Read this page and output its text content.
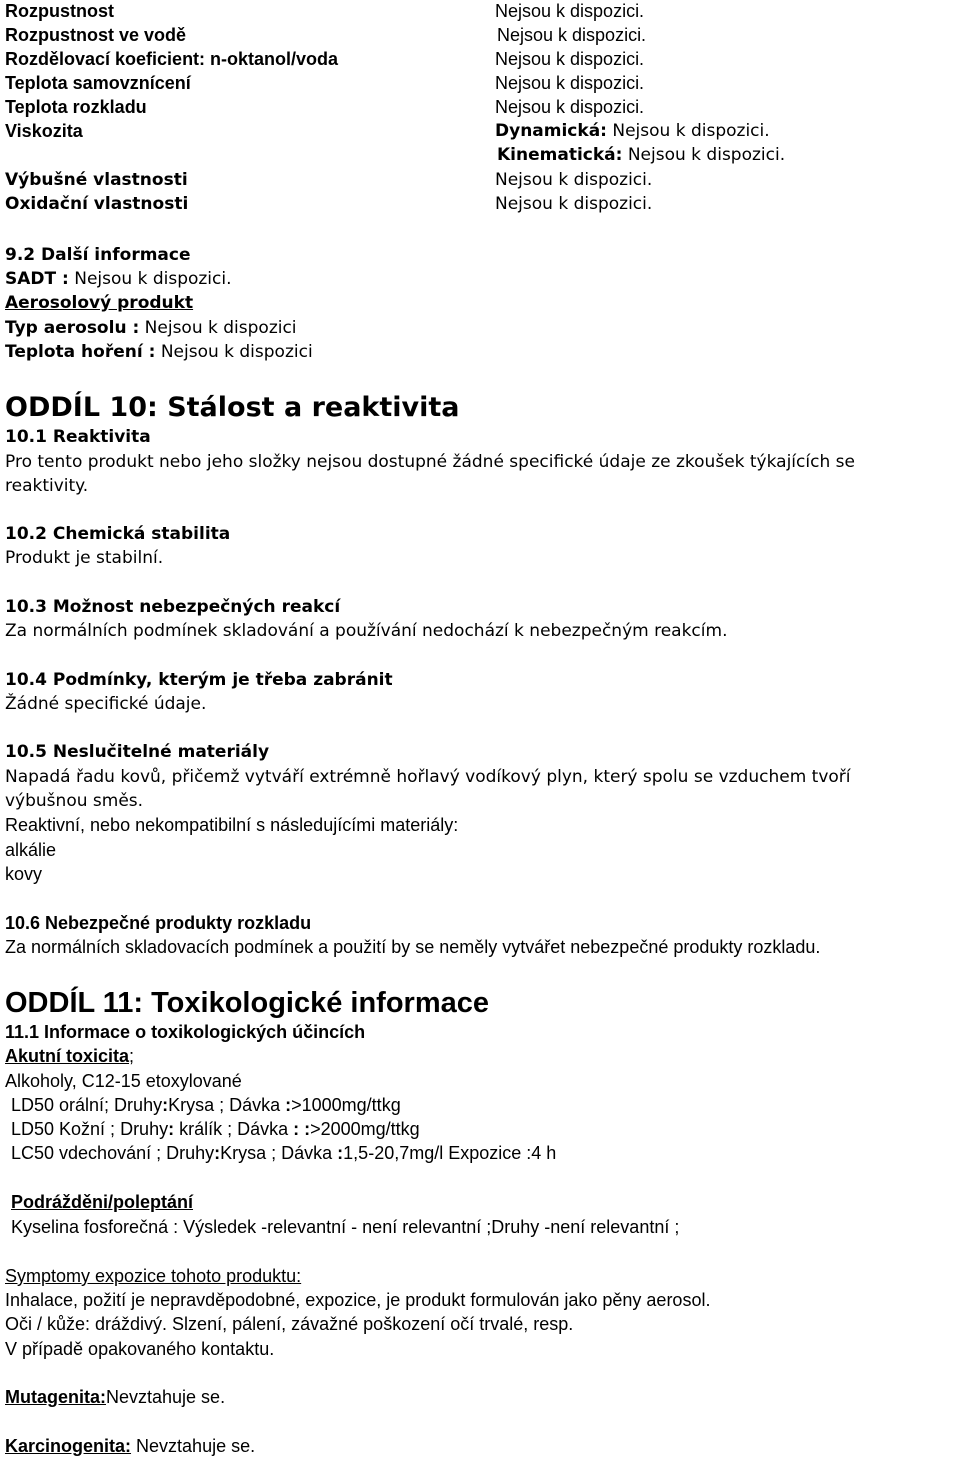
Rozpustnost	Nejsou k dispozici.
Rozpustnost ve vodě	Nejsou k dispozici.
Rozdělovací koeficient: n-oktanol/voda	Nejsou k dispozici.
Teplota samovznícení	Nejsou k dispozici.
Teplota rozkladu	Nejsou k dispozici.
Viskozita	Dynamická: Nejsou k dispozici.
Kinematická: Nejsou k dispozici.
Výbušné vlastnosti	Nejsou k dispozici.
Oxidační vlastnosti	Nejsou k dispozici.
9.2 Další informace
SADT : Nejsou k dispozici.
Aerosolový produkt
Typ aerosolu : Nejsou k dispozici
Teplota hoření : Nejsou k dispozici
ODDÍL 10: Stálost a reaktivita
10.1 Reaktivita
Pro tento produkt nebo jeho složky nejsou dostupné žádné specifické údaje ze zkoušek týkajících se
reaktivity.
10.2 Chemická stabilita
Produkt je stabilní.
10.3 Možnost nebezpečných reakcí
Za normálních podmínek skladování a používání nedochází k nebezpečným reakcím.
10.4 Podmínky, kterým je třeba zabránit
Žádné specifické údaje.
10.5 Neslučitelné materiály
Napadá řadu kovů, přičemž vytváří extrémně hořlavý vodíkový plyn, který spolu se vzduchem tvoří
výbušnou směs.
Reaktivní, nebo nekompatibilní s následujícími materiály:
alkálie
kovy
10.6 Nebezpečné produkty rozkladu
Za normálních skladovacích podmínek a použití by se neměly vytvářet nebezpečné produkty rozkladu.
ODDÍL 11: Toxikologické informace
11.1 Informace o toxikologických účincích
Akutní toxicita;
Alkoholy, C12-15 etoxylované
LD50 orální; Druhy:Krysa ; Dávka :>1000mg/ttkg
LD50 Kožní ; Druhy: králík ; Dávka : :>2000mg/ttkg
LC50 vdechování ; Druhy:Krysa ; Dávka :1,5-20,7mg/l Expozice :4 h
Podrážděni/poleptání
Kyselina fosforečná : Výsledek -relevantní - není relevantní ;Druhy -není relevantní ;
Symptomy expozice tohoto produktu:
Inhalace, požití je nepravděpodobné, expozice, je produkt formulován jako pěny aerosol.
Oči / kůže: dráždivý. Slzení, pálení, závažné poškození očí trvalé, resp.
V případě opakovaného kontaktu.
Mutagenita:Nevztahuje se.
Karcinogenita: Nevztahuje se.
